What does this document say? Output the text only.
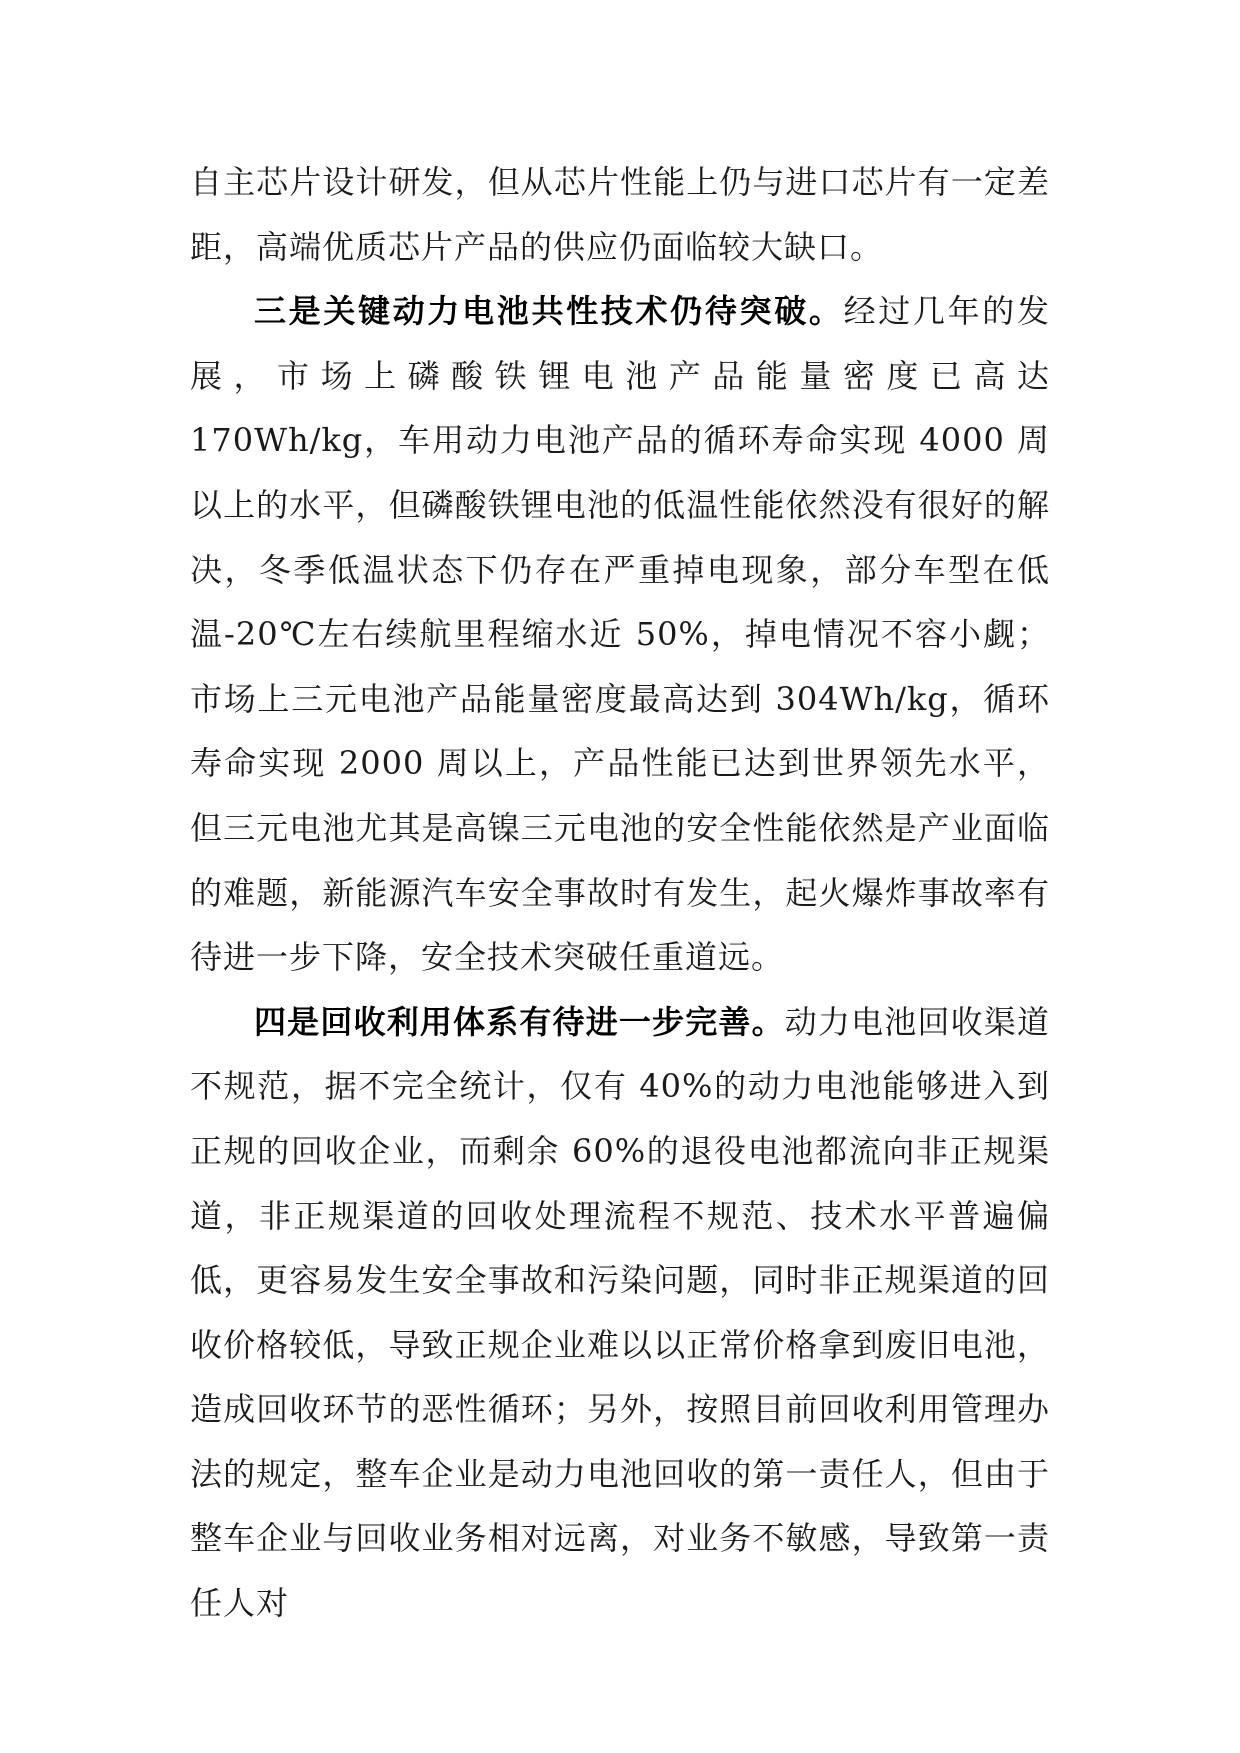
自主芯片设计研发，但从芯片性能上仍与进口芯片有一定差距，高端优质芯片产品的供应仍面临较大缺口。

三是关键动力电池共性技术仍待突破。经过几年的发展，市场上磷酸铁锂电池产品能量密度已高达 170Wh/kg，车用动力电池产品的循环寿命实现 4000 周以上的水平，但磷酸铁锂电池的低温性能依然没有很好的解决，冬季低温状态下仍存在严重掉电现象，部分车型在低温-20℃左右续航里程缩水近 50%，掉电情况不容小觑；市场上三元电池产品能量密度最高达到 304Wh/kg，循环寿命实现 2000 周以上，产品性能已达到世界领先水平，但三元电池尤其是高镍三元电池的安全性能依然是产业面临的难题，新能源汽车安全事故时有发生，起火爆炸事故率有待进一步下降，安全技术突破任重道远。

四是回收利用体系有待进一步完善。动力电池回收渠道不规范，据不完全统计，仅有 40%的动力电池能够进入到正规的回收企业，而剩余 60%的退役电池都流向非正规渠道，非正规渠道的回收处理流程不规范、技术水平普遍偏低，更容易发生安全事故和污染问题，同时非正规渠道的回收价格较低，导致正规企业难以以正常价格拿到废旧电池，造成回收环节的恶性循环；另外，按照目前回收利用管理办法的规定，整车企业是动力电池回收的第一责任人，但由于整车企业与回收业务相对远离，对业务不敏感，导致第一责任人对
